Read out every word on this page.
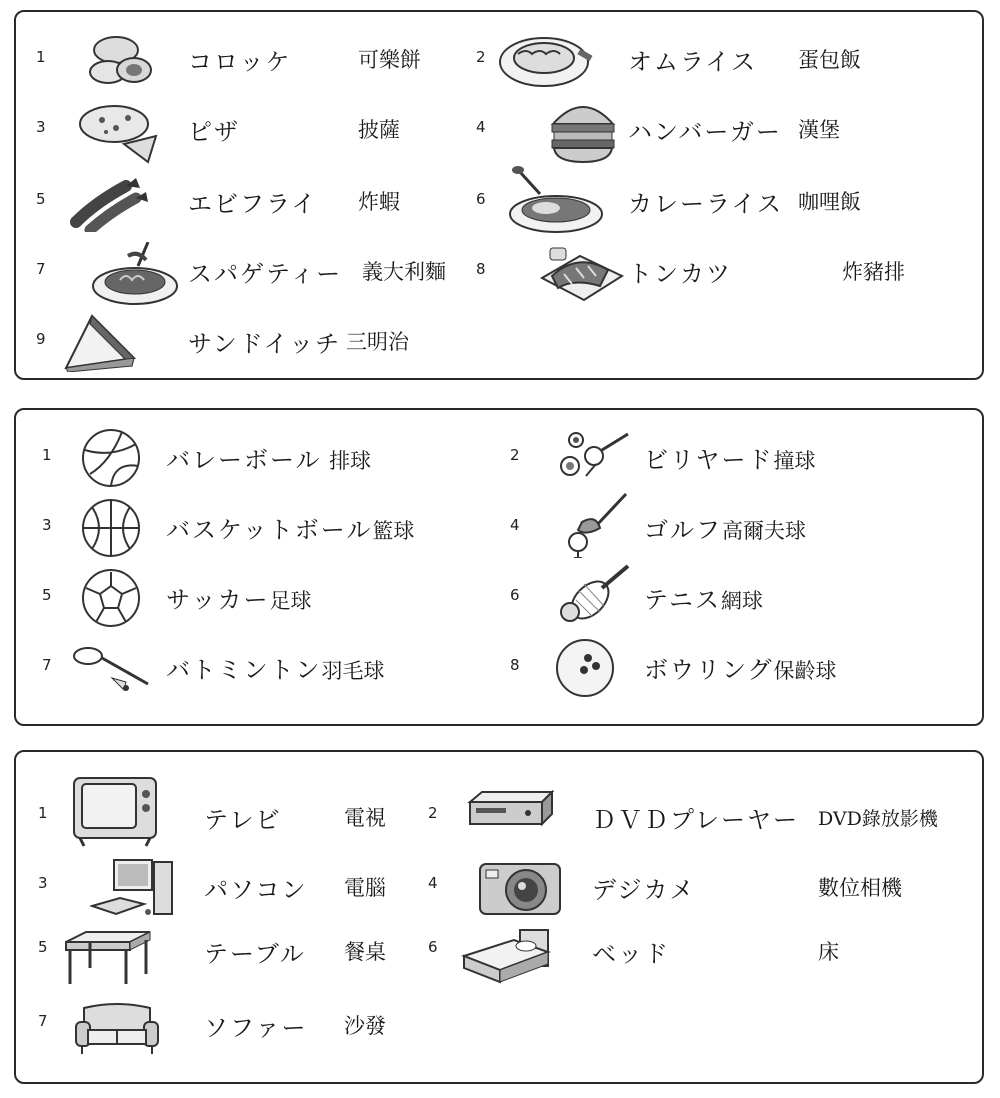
1	コロッケ	可樂餅	2	オムライス 蛋包飯
3	ピザ	披薩	4	ハンバーガー 漢堡
5	エビフライ 炸蝦	6	カレーライス 咖哩飯
7	スパゲティー 義大利麵 8	トンカツ	炸豬排
9	サンドイッチ 三明治
1	バレーボール 排球	2	ビリヤード撞球
3	バスケットボール籃球	4	ゴルフ高爾夫球
5	サッカー足球	6	テニス網球
7	バトミントン羽毛球	8	ボウリング保齡球
1	テレビ	電視	2	ＤＶＤプレーヤー DVD錄放影機
3	パソコン 電腦	4	デジカメ	數位相機
5	テーブル 餐桌	6	ベッド	床
7	ソファー 沙發
